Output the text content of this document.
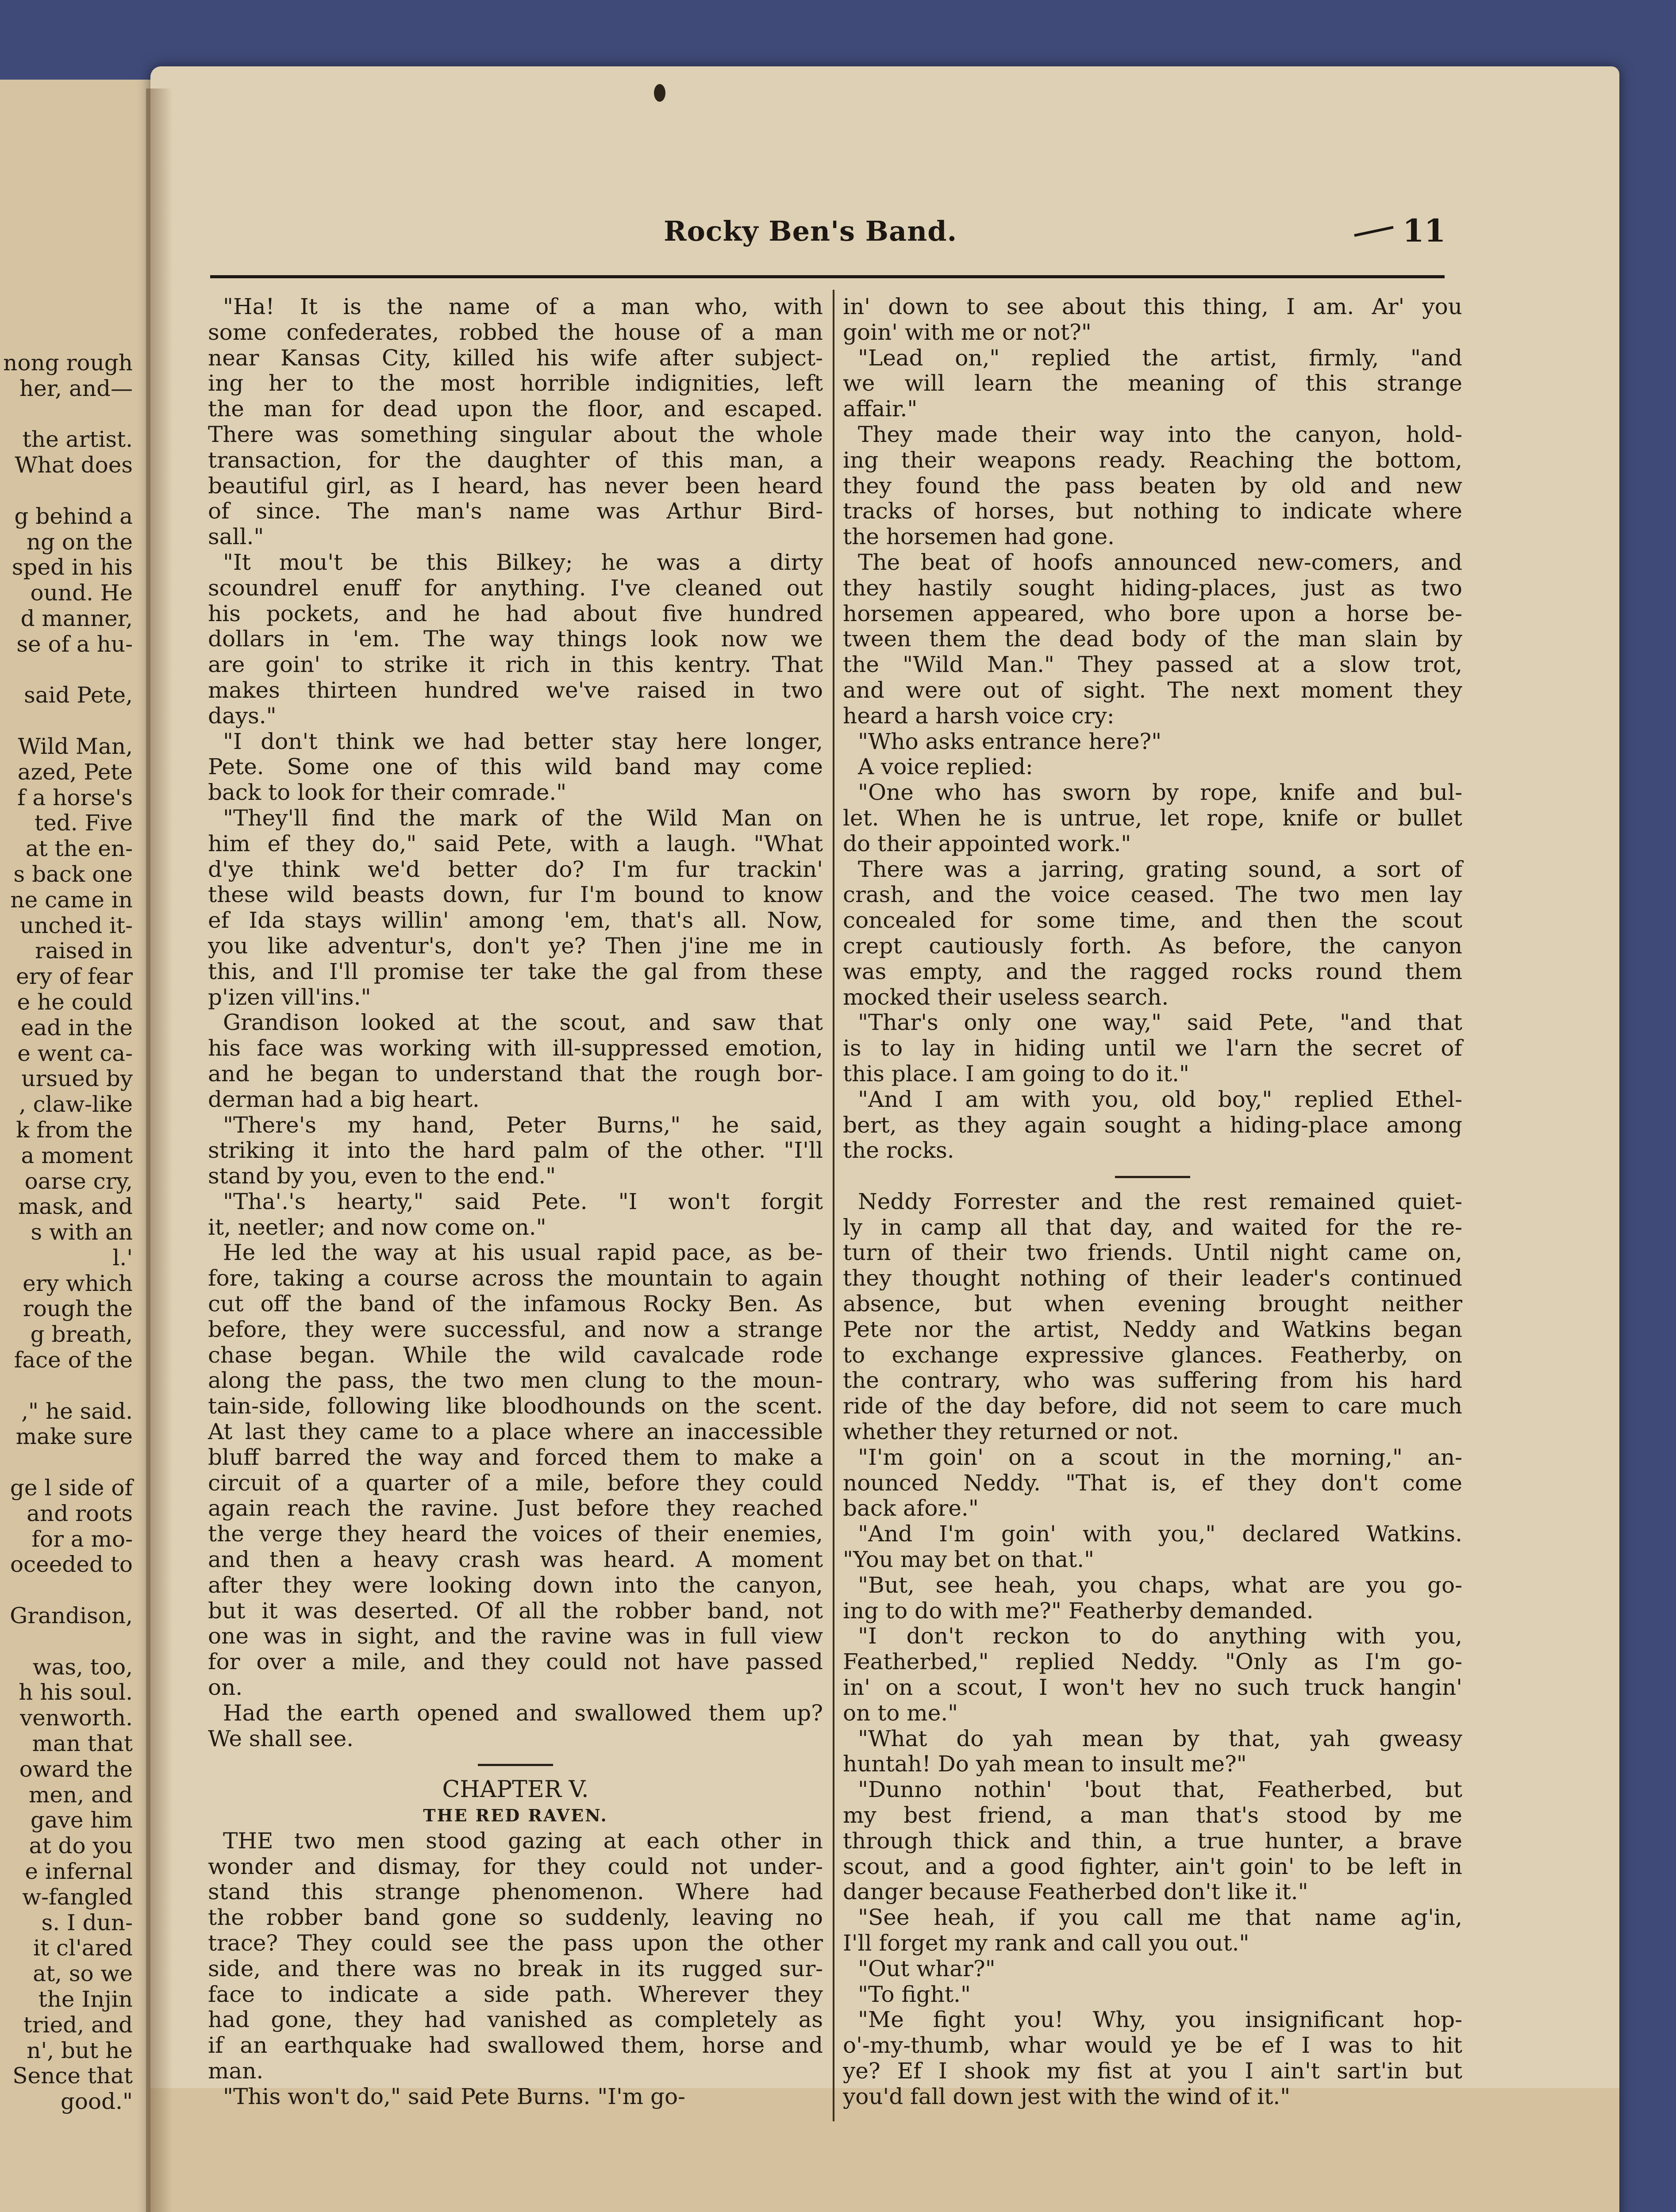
nong rough
her, and—
the artist.
What does
g behind a
ng on the
sped in his
ound. He
d manner,
se of a hu-
said Pete,
Wild Man,
azed, Pete
f a horse's
ted. Five
at the en-
s back one
ne came in
unched it-
raised in
ery of fear
e he could
ead in the
e went ca-
ursued by
, claw-like
k from the
a moment
oarse cry,
mask, and
s with an
l.'
ery which
rough the
g breath,
face of the
," he said.
make sure
ge l side of
and roots
for a mo-
oceeded to
Grandison,
was, too,
h his soul.
venworth.
man that
oward the
men, and
gave him
at do you
e infernal
w-fangled
s. I dun-
it cl'ared
at, so we
the Injin
tried, and
n', but he
Sence that
good."
Rocky Ben's Band.	11
"Ha! It is the name of a man who, with
some confederates, robbed the house of a man
near Kansas City, killed his wife after subject-
ing her to the most horrible indignities, left
the man for dead upon the floor, and escaped.
There was something singular about the whole
transaction, for the daughter of this man, a
beautiful girl, as I heard, has never been heard
of since. The man's name was Arthur Bird-
sall."
"It mou't be this Bilkey; he was a dirty
scoundrel enuff for anything. I've cleaned out
his pockets, and he had about five hundred
dollars in 'em. The way things look now we
are goin' to strike it rich in this kentry. That
makes thirteen hundred we've raised in two
days."
"I don't think we had better stay here longer,
Pete. Some one of this wild band may come
back to look for their comrade."
"They'll find the mark of the Wild Man on
him ef they do," said Pete, with a laugh. "What
d'ye think we'd better do? I'm fur trackin'
these wild beasts down, fur I'm bound to know
ef Ida stays willin' among 'em, that's all. Now,
you like adventur's, don't ye? Then j'ine me in
this, and I'll promise ter take the gal from these
p'izen vill'ins."
Grandison looked at the scout, and saw that
his face was working with ill-suppressed emotion,
and he began to understand that the rough bor-
derman had a big heart.
"There's my hand, Peter Burns," he said,
striking it into the hard palm of the other. "I'll
stand by you, even to the end."
"Tha'.'s hearty," said Pete. "I won't forgit
it, neetler; and now come on."
He led the way at his usual rapid pace, as be-
fore, taking a course across the mountain to again
cut off the band of the infamous Rocky Ben. As
before, they were successful, and now a strange
chase began. While the wild cavalcade rode
along the pass, the two men clung to the moun-
tain-side, following like bloodhounds on the scent.
At last they came to a place where an inaccessible
bluff barred the way and forced them to make a
circuit of a quarter of a mile, before they could
again reach the ravine. Just before they reached
the verge they heard the voices of their enemies,
and then a heavy crash was heard. A moment
after they were looking down into the canyon,
but it was deserted. Of all the robber band, not
one was in sight, and the ravine was in full view
for over a mile, and they could not have passed
on.
Had the earth opened and swallowed them up?
We shall see.
CHAPTER V.
THE RED RAVEN.
THE two men stood gazing at each other in
wonder and dismay, for they could not under-
stand this strange phenomenon. Where had
the robber band gone so suddenly, leaving no
trace? They could see the pass upon the other
side, and there was no break in its rugged sur-
face to indicate a side path. Wherever they
had gone, they had vanished as completely as
if an earthquake had swallowed them, horse and
man.
"This won't do," said Pete Burns. "I'm go-
in' down to see about this thing, I am. Ar' you
goin' with me or not?"
"Lead on," replied the artist, firmly, "and
we will learn the meaning of this strange
affair."
They made their way into the canyon, hold-
ing their weapons ready. Reaching the bottom,
they found the pass beaten by old and new
tracks of horses, but nothing to indicate where
the horsemen had gone.
The beat of hoofs announced new-comers, and
they hastily sought hiding-places, just as two
horsemen appeared, who bore upon a horse be-
tween them the dead body of the man slain by
the "Wild Man." They passed at a slow trot,
and were out of sight. The next moment they
heard a harsh voice cry:
"Who asks entrance here?"
A voice replied:
"One who has sworn by rope, knife and bul-
let. When he is untrue, let rope, knife or bullet
do their appointed work."
There was a jarring, grating sound, a sort of
crash, and the voice ceased. The two men lay
concealed for some time, and then the scout
crept cautiously forth. As before, the canyon
was empty, and the ragged rocks round them
mocked their useless search.
"Thar's only one way," said Pete, "and that
is to lay in hiding until we l'arn the secret of
this place. I am going to do it."
"And I am with you, old boy," replied Ethel-
bert, as they again sought a hiding-place among
the rocks.
Neddy Forrester and the rest remained quiet-
ly in camp all that day, and waited for the re-
turn of their two friends. Until night came on,
they thought nothing of their leader's continued
absence, but when evening brought neither
Pete nor the artist, Neddy and Watkins began
to exchange expressive glances. Featherby, on
the contrary, who was suffering from his hard
ride of the day before, did not seem to care much
whether they returned or not.
"I'm goin' on a scout in the morning," an-
nounced Neddy. "That is, ef they don't come
back afore."
"And I'm goin' with you," declared Watkins.
"You may bet on that."
"But, see heah, you chaps, what are you go-
ing to do with me?" Featherby demanded.
"I don't reckon to do anything with you,
Featherbed," replied Neddy. "Only as I'm go-
in' on a scout, I won't hev no such truck hangin'
on to me."
"What do yah mean by that, yah gweasy
huntah! Do yah mean to insult me?"
"Dunno nothin' 'bout that, Featherbed, but
my best friend, a man that's stood by me
through thick and thin, a true hunter, a brave
scout, and a good fighter, ain't goin' to be left in
danger because Featherbed don't like it."
"See heah, if you call me that name ag'in,
I'll forget my rank and call you out."
"Out whar?"
"To fight."
"Me fight you! Why, you insignificant hop-
o'-my-thumb, whar would ye be ef I was to hit
ye? Ef I shook my fist at you I ain't sart'in but
you'd fall down jest with the wind of it."
